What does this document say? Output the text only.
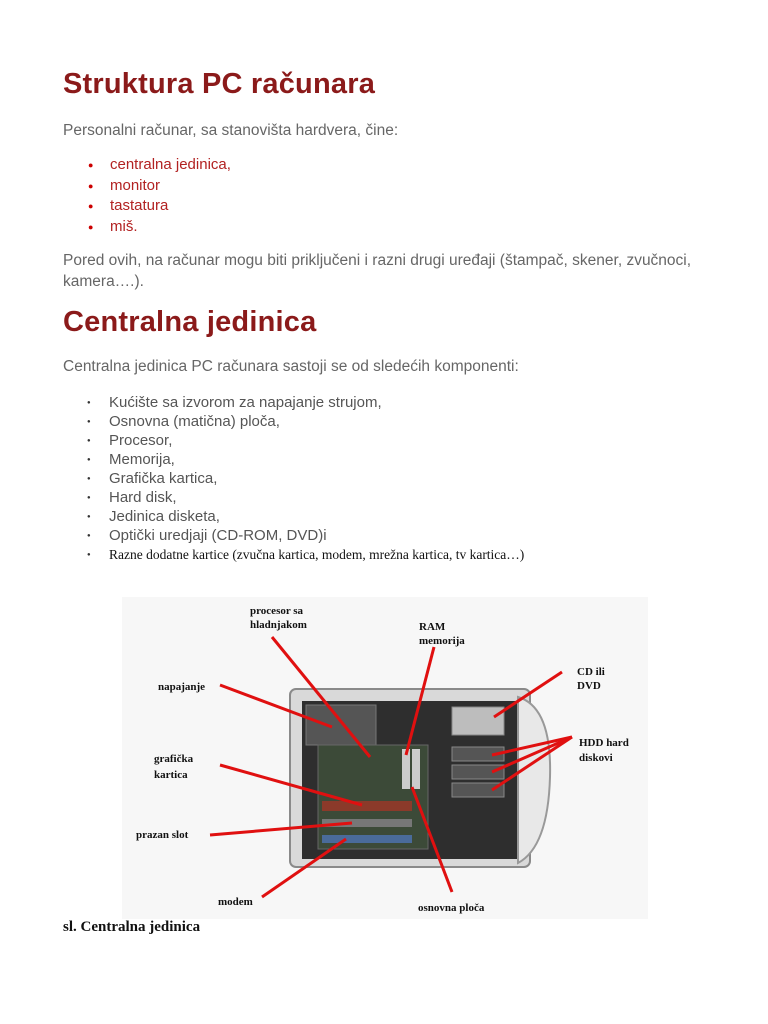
Struktura PC računara

Personalni računar, sa stanovišta hardvera, čine:

● centralna jedinica,
● monitor
● tastatura
● miš.

Pored ovih, na računar mogu biti priključeni i razni drugi uređaji (štampač, skener, zvučnoci, kamera….).

Centralna jedinica

Centralna jedinica PC računara sastoji se od sledećih komponenti:

● Kućište sa izvorom za napajanje strujom,
● Osnovna (matična) ploča,
● Procesor,
● Memorija,
● Grafička kartica,
● Hard disk,
● Jedinica disketa,
● Optički uredjaji (CD-ROM, DVD)i
● Razne dodatne kartice (zvučna kartica, modem, mrežna kartica, tv kartica…)
procesor sa
hladnjakom	RAM
memorija
CD ili
DVD
napajanje
grafička
kartica
HDD hard
diskovi
prazan slot
modem	osnovna ploča

sl. Centralna jedinica
